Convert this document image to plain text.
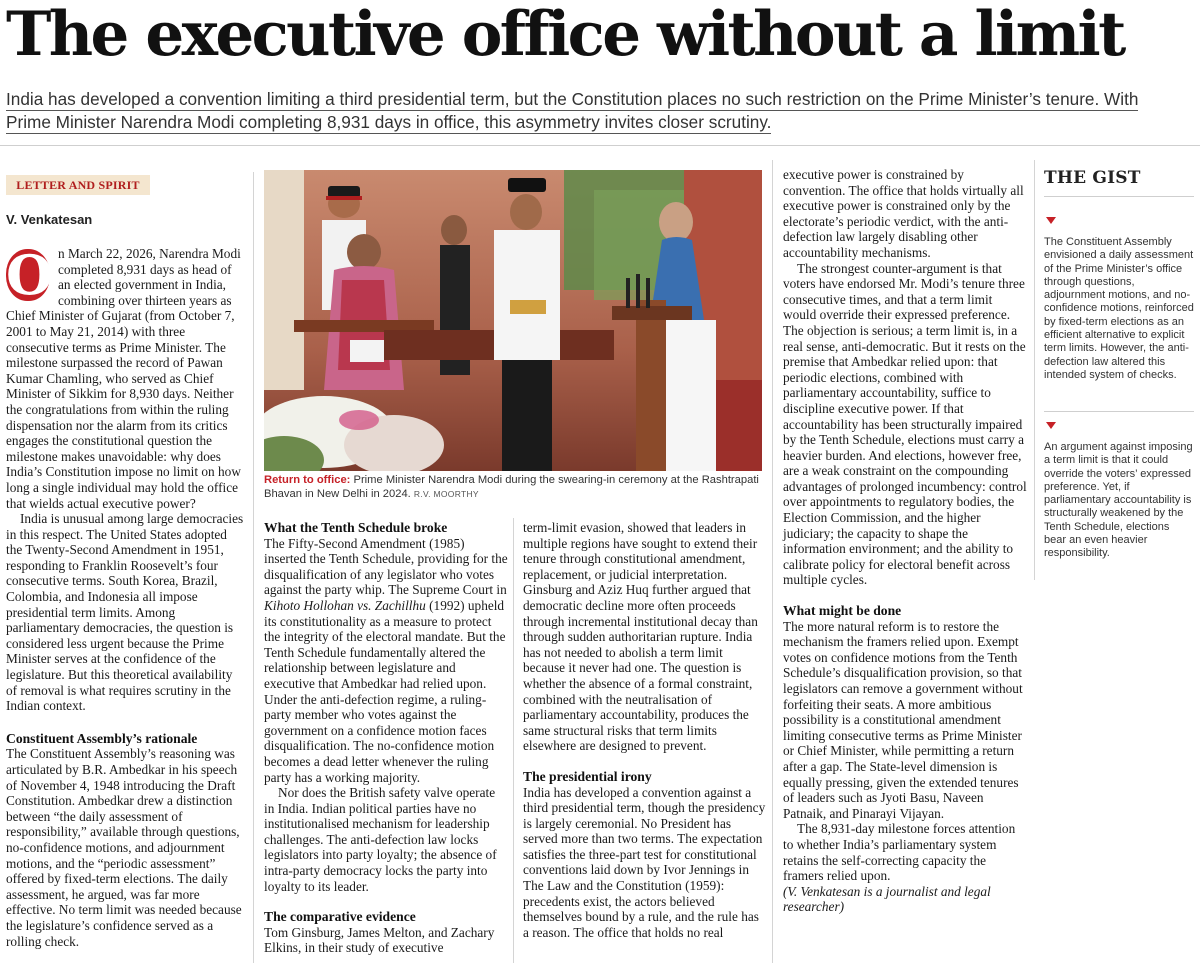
The executive office without a limit

India has developed a convention limiting a third presidential term, but the Constitution places no such restriction on the Prime Minister’s tenure. With Prime Minister Narendra Modi completing 8,931 days in office, this asymmetry invites closer scrutiny.

LETTER AND SPIRIT
V. Venkatesan

O n March 22, 2026, Narendra Modi completed 8,931 days as head of an elected government in India, combining over thirteen years as Chief Minister of Gujarat (from October 7, 2001 to May 21, 2014) with three consecutive terms as Prime Minister. The milestone surpassed the record of Pawan Kumar Chamling, who served as Chief Minister of Sikkim for 8,930 days. Neither the congratulations from within the ruling dispensation nor the alarm from its critics engages the constitutional question the milestone makes unavoidable: why does India’s Constitution impose no limit on how long a single individual may hold the office that wields actual executive power?

India is unusual among large democracies in this respect. The United States adopted the Twenty-Second Amendment in 1951, responding to Franklin Roosevelt’s four consecutive terms. South Korea, Brazil, Colombia, and Indonesia all impose presidential term limits. Among parliamentary democracies, the question is considered less urgent because the Prime Minister serves at the confidence of the legislature. But this theoretical availability of removal is what requires scrutiny in the Indian context.

Constituent Assembly’s rationale

The Constituent Assembly’s reasoning was articulated by B.R. Ambedkar in his speech of November 4, 1948 introducing the Draft Constitution. Ambedkar drew a distinction between “the daily assessment of responsibility,” available through questions, no-confidence motions, and adjournment motions, and the “periodic assessment” offered by fixed-term elections. The daily assessment, he argued, was far more effective. No term limit was needed because the legislature’s confidence served as a rolling check.

Return to office: Prime Minister Narendra Modi during the swearing-in ceremony at the Rashtrapati Bhavan in New Delhi in 2024. R.V. MOORTHY
What the Tenth Schedule broke

The Fifty-Second Amendment (1985) inserted the Tenth Schedule, providing for the disqualification of any legislator who votes against the party whip. The Supreme Court in Kihoto Hollohan vs. Zachillhu (1992) upheld its constitutionality as a measure to protect the integrity of the electoral mandate. But the Tenth Schedule fundamentally altered the relationship between legislature and executive that Ambedkar had relied upon. Under the anti-defection regime, a ruling-party member who votes against the government on a confidence motion faces disqualification. The no-confidence motion becomes a dead letter whenever the ruling party has a working majority.

Nor does the British safety valve operate in India. Indian political parties have no institutionalised mechanism for leadership challenges. The anti-defection law locks legislators into party loyalty; the absence of intra-party democracy locks the party into loyalty to its leader.

The comparative evidence

Tom Ginsburg, James Melton, and Zachary Elkins, in their study of executive

term-limit evasion, showed that leaders in multiple regions have sought to extend their tenure through constitutional amendment, replacement, or judicial interpretation. Ginsburg and Aziz Huq further argued that democratic decline more often proceeds through incremental institutional decay than through sudden authoritarian rupture. India has not needed to abolish a term limit because it never had one. The question is whether the absence of a formal constraint, combined with the neutralisation of parliamentary accountability, produces the same structural risks that term limits elsewhere are designed to prevent.

The presidential irony

India has developed a convention against a third presidential term, though the presidency is largely ceremonial. No President has served more than two terms. The expectation satisfies the three-part test for constitutional conventions laid down by Ivor Jennings in The Law and the Constitution (1959): precedents exist, the actors believed themselves bound by a rule, and the rule has a reason. The office that holds no real

executive power is constrained by convention. The office that holds virtually all executive power is constrained only by the electorate’s periodic verdict, with the anti-defection law largely disabling other accountability mechanisms.

The strongest counter-argument is that voters have endorsed Mr. Modi’s tenure three consecutive times, and that a term limit would override their expressed preference. The objection is serious; a term limit is, in a real sense, anti-democratic. But it rests on the premise that Ambedkar relied upon: that periodic elections, combined with parliamentary accountability, suffice to discipline executive power. If that accountability has been structurally impaired by the Tenth Schedule, elections must carry a heavier burden. And elections, however free, are a weak constraint on the compounding advantages of prolonged incumbency: control over appointments to regulatory bodies, the Election Commission, and the higher judiciary; the capacity to shape the information environment; and the ability to calibrate policy for electoral benefit across multiple cycles.

What might be done

The more natural reform is to restore the mechanism the framers relied upon. Exempt votes on confidence motions from the Tenth Schedule’s disqualification provision, so that legislators can remove a government without forfeiting their seats. A more ambitious possibility is a constitutional amendment limiting consecutive terms as Prime Minister or Chief Minister, while permitting a return after a gap. The State-level dimension is equally pressing, given the extended tenures of leaders such as Jyoti Basu, Naveen Patnaik, and Pinarayi Vijayan.

The 8,931-day milestone forces attention to whether India’s parliamentary system retains the self-correcting capacity the framers relied upon.

(V. Venkatesan is a journalist and legal researcher)

THE GIST

The Constituent Assembly envisioned a daily assessment of the Prime Minister’s office through questions, adjournment motions, and no-confidence motions, reinforced by fixed-term elections as an efficient alternative to explicit term limits. However, the anti-defection law altered this intended system of checks.

An argument against imposing a term limit is that it could override the voters’ expressed preference. Yet, if parliamentary accountability is structurally weakened by the Tenth Schedule, elections bear an even heavier responsibility.
